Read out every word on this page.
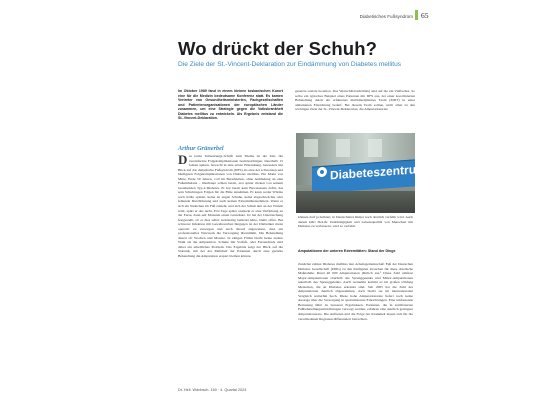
Diabetisches Fußsyndrom 65
Wo drückt der Schuh?
Die Ziele der St.-Vincent-Deklaration zur Eindämmung von Diabetes mellitus
Im Oktober 1989 fand in einem kleinen toskanischen Kurort eine für die Medizin bedeutsame Konferenz statt. Es kamen Vertreter von Gesundheitsministerien, Fachgesellschaften und Patientenorganisationen der europäischen Länder zusammen, um eine Strategie gegen die Volkskrankheit Diabetes mellitus zu entwickeln. Als Ergebnis entstand die St.-Vincent-Deklaration.
gesetzte soziale Isolation. Das Wertschätzverhältnis) sind auf die ein Vielfaches. So sollte ein typisches Beispiel eines Patienten mit DFS aus, der einer koordinierten Behandlung durch ein erfahrenes multidisziplinäres Team (MDT) in einer ambulanten Einrichtung bedarf. Bei diesem Team sollten, nicht allen zu den wichtigen Ziele der St.-Vincent-Deklaration, die Amputationsrate
Arthur Grünerbel
Das letzte Teilsetzungs-Schrift zum Thema ist die Zeit, die vereinfachte Folgekomplikationen berücksichtigen. Innerhalb 15 Jahren spüren, bewacht in eine ernste Erkrankung, besonders mit Blick auf das diabetische Fußsyndrom (DFS) als eine der schwersten und häufigsten Folgekomplikationen von Diabetes mellitus. Ein Mann von Mitte, Ende 50 Jahren, voll im Berufsleben, ohne Anbindung an eine Fußambulanz – überhaupt schien bereit, erst später rücken von seinem bestehenden Typ-2-Diabetes. Er hat bereit kein Bewusstsein dafür, das sein Schuhtragen Folgen für die Füße annehmen. Er kann weder Wärme noch Kälte spüren, keine zu engen Schuhe, keine abgeschwächte oder fehlende Durchblutung und auch keinen Extremitätenschmerz. Wenn er sich ein Steinchen im Fuß zuzieht, und sich der Schuh nun an der Wunde reibt, spürt er das nicht. Erst Tage später entdeckt er eine Verfärbung an der Ferse, dann seit Monaten einen Grundsatz. Ist bei der Untersuchung festgestellt, ob er dies selbst rechtzeitig bemerkt hätte, bleibt offen. Bei schwerer Infektion mit Gewebeverlust hingegen ist der Diabetiker meist operativ zu versorgen und auch darauf angewiesen, dass ein professionelles Netzwerk die Versorgung übernimmt. Die Behandlung dauert oft Wochen und Monate. In einigen Fällen bleibt keine andere Wahl als die Amputation. Schuhe mit Vorfuß- oder Fersendruck sind dabei ein erhebliches Problem. Das Ergebnis zeigt der Blick auf die Statistik, mit der der Mehrheit der Patienten durch eine gezielte Behandlung die Amputation erspart bleiben könnte.
Diabeteszentrum
können darf ja halbiert, in Deutschland immer noch deutlich verfehlt wird. Auch darum klärt DeLife Unabhängigkeit und Lebensqualität von Menschen mit Diabetes zu verbessern, wird so verfehlt.
Amputationen der unteren Extremitäten: Stand der Dinge
Zunächst zahlen Diabetes mellitus laut Arbeitsgemeinschaft Fuß der Deutschen Diabetes Gesellschaft (DDG) zu den häufigsten Ursachen für diese drastische Maßnahme. Rund 40 000 Amputationen jährlich aus.¹ Diese Zahl umfasst Major-Amputationen oberhalb des Sprunggelenks und Minor-Amputationen unterhalb des Sprunggelenks. Auch weiterhin kommt es im großen Umfang Menschen, die an Diabetes erkrankt sind. Seit 2005 hat die Zahl der Amputationen deutlich abgenommen, doch bleibt sie im internationalen Vergleich weiterhin hoch. Diese hohe Amputationsrate liefert noch keine Aussage über die Versorgung in spezialisierten Einrichtungen. Eine umfassende Betreuung führt zu besseren Ergebnissen. Patienten, die in zertifizierten Fußbehandlungseinrichtungen versorgt werden, erfahren eine deutlich geringere Amputationsrate. Die Auftreten und die Folge der Krankheit lassen sich für die verschiedenen Regionen differenziert betrachten.
Dt. Heil. Wdnbsch. 160 · 4. Quartal 2024
